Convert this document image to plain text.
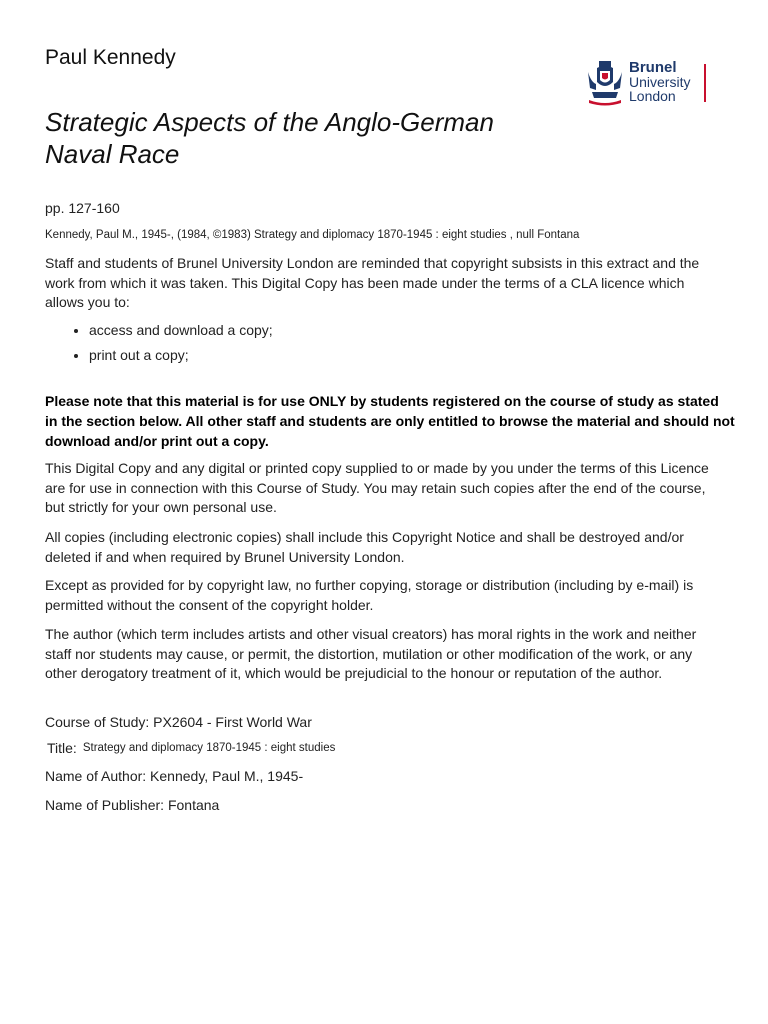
Paul Kennedy
Strategic Aspects of the Anglo-German Naval Race
Brunel
University
London
pp. 127-160
Kennedy, Paul M., 1945-, (1984, ©1983) Strategy and diplomacy 1870-1945 : eight studies , null Fontana

Staff and students of Brunel University London are reminded that copyright subsists in this extract and the work from which it was taken. This Digital Copy has been made under the terms of a CLA licence which allows you to:

• access and download a copy;
• print out a copy;

Please note that this material is for use ONLY by students registered on the course of study as stated in the section below. All other staff and students are only entitled to browse the material and should not download and/or print out a copy.

This Digital Copy and any digital or printed copy supplied to or made by you under the terms of this Licence are for use in connection with this Course of Study. You may retain such copies after the end of the course, but strictly for your own personal use.

All copies (including electronic copies) shall include this Copyright Notice and shall be destroyed and/or deleted if and when required by Brunel University London.

Except as provided for by copyright law, no further copying, storage or distribution (including by e-mail) is permitted without the consent of the copyright holder.

The author (which term includes artists and other visual creators) has moral rights in the work and neither staff nor students may cause, or permit, the distortion, mutilation or other modification of the work, or any other derogatory treatment of it, which would be prejudicial to the honour or reputation of the author.

Course of Study: PX2604 - First World War
Title: Strategy and diplomacy 1870-1945 : eight studies
Name of Author: Kennedy, Paul M., 1945-
Name of Publisher: Fontana
